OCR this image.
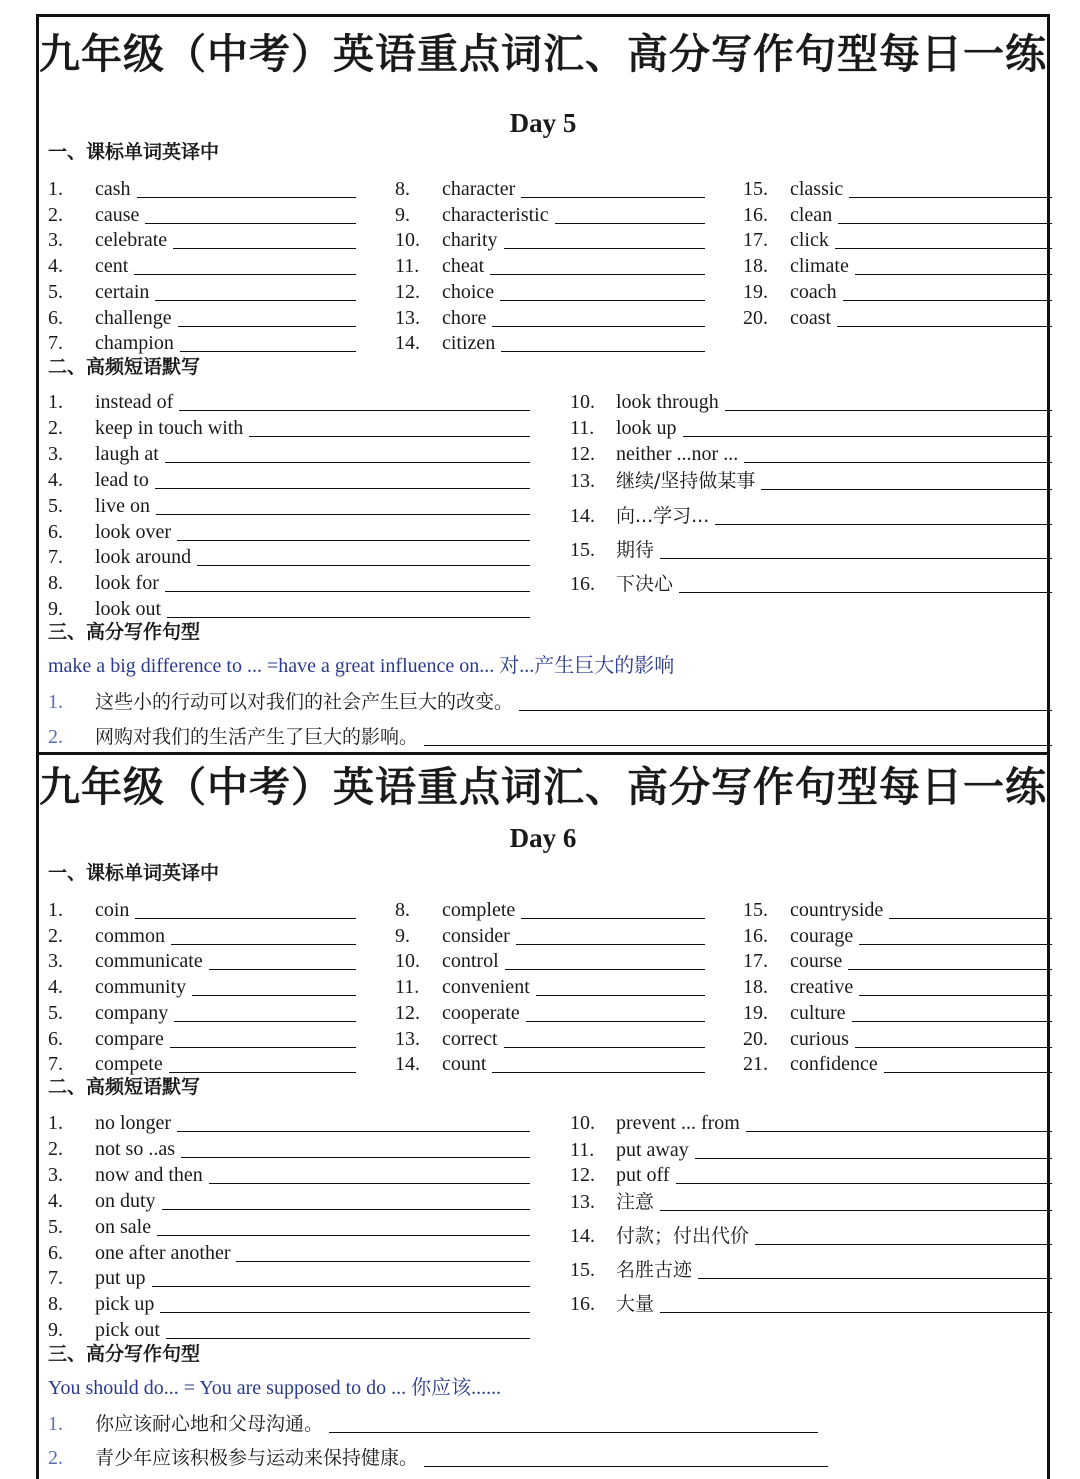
九年级（中考）英语重点词汇、高分写作句型每日一练
Day 5
一、课标单词英译中
1.	cash
2.	cause
3.	celebrate
4.	cent
5.	certain
6.	challenge
7.	champion
8.	character
9.	characteristic
10.	charity
11.	cheat
12.	choice
13.	chore
14.	citizen
15.	classic
16.	clean
17.	click
18.	climate
19.	coach
20.	coast
二、高频短语默写
1.	instead of
2.	keep in touch with
3.	laugh at
4.	lead to
5.	live on
6.	look over
7.	look around
8.	look for
9.	look out
10.	look through
11.	look up
12.	neither ...nor ...
13.	继续/坚持做某事
14.	向...学习...
15.	期待
16.	下决心
三、高分写作句型
make a big difference to ... =have a great influence on... 对...产生巨大的影响
1.	这些小的行动可以对我们的社会产生巨大的改变。
2.	网购对我们的生活产生了巨大的影响。
九年级（中考）英语重点词汇、高分写作句型每日一练
Day 6
一、课标单词英译中
1.	coin
2.	common
3.	communicate
4.	community
5.	company
6.	compare
7.	compete
8.	complete
9.	consider
10.	control
11.	convenient
12.	cooperate
13.	correct
14.	count
15.	countryside
16.	courage
17.	course
18.	creative
19.	culture
20.	curious
21.	confidence
二、高频短语默写
1.	no longer
2.	not so ..as
3.	now and then
4.	on duty
5.	on sale
6.	one after another
7.	put up
8.	pick up
9.	pick out
10.	prevent ... from
11.	put away
12.	put off
13.	注意
14.	付款；付出代价
15.	名胜古迹
16.	大量
三、高分写作句型
You should do... = You are supposed to do ... 你应该......
1.	你应该耐心地和父母沟通。
2.	青少年应该积极参与运动来保持健康。
